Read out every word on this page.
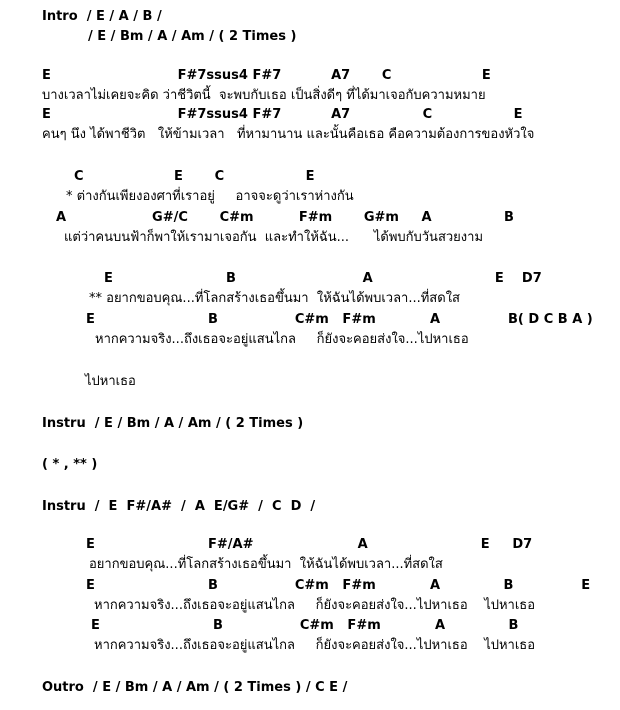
Intro  / E / A / B /
/ E / Bm / A / Am / ( 2 Times )
E                            F#7ssus4 F#7           A7       C                    E
บางเวลาไม่เคยจะคิด ว่าชีวิตนี้  จะพบกับเธอ เป็นสิ่งดีๆ ที่ได้มาเจอกับความหมาย
E                            F#7ssus4 F#7           A7                C                  E
คนๆ นึง ได้พาชีวิต   ให้ข้ามเวลา   ที่หามานาน และนั้นคือเธอ คือความต้องการของหัวใจ
C                    E       C                  E
* ต่างกันเพียงองศาที่เราอยู่     อาจจะดูว่าเราห่างกัน
A                   G#/C       C#m          F#m       G#m     A                B
แต่ว่าคนบนฟ้าก็พาให้เรามาเจอกัน  และทำให้ฉัน...      ได้พบกับวันสวยงาม
E                         B                            A                           E    D7
** อยากขอบคุณ...ที่โลกสร้างเธอขึ้นมา  ให้ฉันได้พบเวลา...ที่สดใส
E                         B                 C#m   F#m            A               B( D C B A )
หากความจริง...ถึงเธอจะอยู่แสนไกล     ก็ยังจะคอยส่งใจ...ไปหาเธอ
ไปหาเธอ
Instru  / E / Bm / A / Am / ( 2 Times )
( * , ** )
Instru  /  E  F#/A#  /  A  E/G#  /  C  D  /
E                         F#/A#                       A                         E     D7
อยากขอบคุณ...ที่โลกสร้างเธอขึ้นมา  ให้ฉันได้พบเวลา...ที่สดใส
E                         B                 C#m   F#m            A              B               E
หากความจริง...ถึงเธอจะอยู่แสนไกล     ก็ยังจะคอยส่งใจ...ไปหาเธอ    ไปหาเธอ
E                         B                 C#m   F#m            A              B
หากความจริง...ถึงเธอจะอยู่แสนไกล     ก็ยังจะคอยส่งใจ...ไปหาเธอ    ไปหาเธอ
Outro  / E / Bm / A / Am / ( 2 Times ) / C E /
